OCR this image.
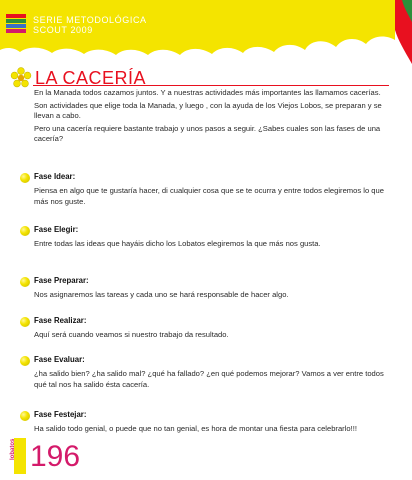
SERIE METODOLÓGICA
SCOUT 2009
LA CACERÍA

En la Manada todos cazamos juntos. Y a nuestras actividades más importantes las llamamos cacerías.

Son actividades que elige toda la Manada, y luego , con la ayuda de los Viejos Lobos, se preparan y se llevan a cabo.

Pero una cacería requiere bastante trabajo y unos pasos a seguir. ¿Sabes cuales son las fases de una cacería?

Fase Idear:
Piensa en algo que te gustaría hacer, di cualquier cosa que se te ocurra y entre todos elegiremos lo que más nos guste.
Fase Elegir:
Entre todas las ideas que hayáis dicho los Lobatos elegiremos la que más nos gusta.
Fase Preparar:
Nos asignaremos las tareas y cada uno se hará responsable de hacer algo.
Fase Realizar:
Aquí será cuando veamos si nuestro trabajo da resultado.
Fase Evaluar:
¿ha salido bien? ¿ha salido mal? ¿qué ha fallado? ¿en qué podemos mejorar? Vamos a ver entre todos qué tal nos ha salido ésta cacería.
Fase Festejar:
Ha salido todo genial, o puede que no tan genial, es hora de montar una fiesta para celebrarlo!!!
lobatos 196
